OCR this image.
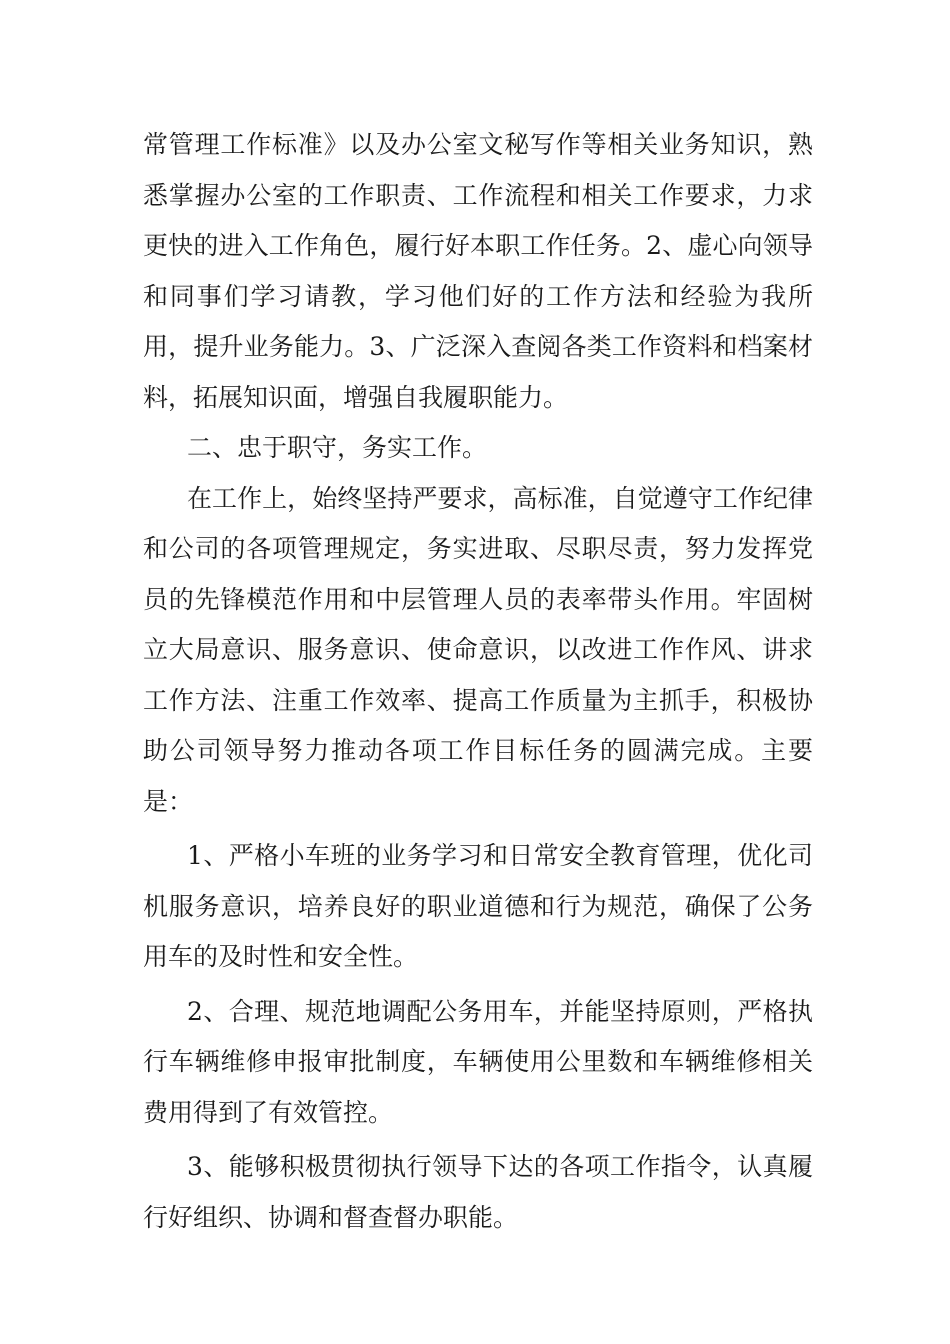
常管理工作标准》以及办公室文秘写作等相关业务知识，熟悉掌握办公室的工作职责、工作流程和相关工作要求，力求更快的进入工作角色，履行好本职工作任务。2、虚心向领导和同事们学习请教，学习他们好的工作方法和经验为我所用，提升业务能力。3、广泛深入查阅各类工作资料和档案材料，拓展知识面，增强自我履职能力。

二、忠于职守，务实工作。

在工作上，始终坚持严要求，高标准，自觉遵守工作纪律和公司的各项管理规定，务实进取、尽职尽责，努力发挥党员的先锋模范作用和中层管理人员的表率带头作用。牢固树立大局意识、服务意识、使命意识，以改进工作作风、讲求工作方法、注重工作效率、提高工作质量为主抓手，积极协助公司领导努力推动各项工作目标任务的圆满完成。主要是：

1、严格小车班的业务学习和日常安全教育管理，优化司机服务意识，培养良好的职业道德和行为规范，确保了公务用车的及时性和安全性。

2、合理、规范地调配公务用车，并能坚持原则，严格执行车辆维修申报审批制度，车辆使用公里数和车辆维修相关费用得到了有效管控。

3、能够积极贯彻执行领导下达的各项工作指令，认真履行好组织、协调和督查督办职能。
